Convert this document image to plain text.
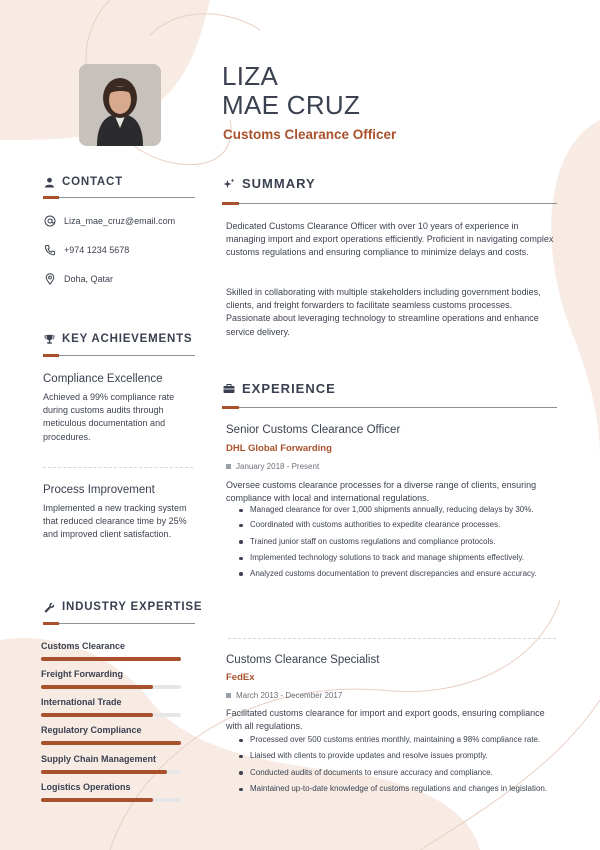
LIZA
MAE CRUZ
Customs Clearance Officer
CONTACT
Liza_mae_cruz@email.com
+974 1234 5678
Doha, Qatar
KEY ACHIEVEMENTS
Compliance Excellence
Achieved a 99% compliance rate during customs audits through meticulous documentation and procedures.
Process Improvement
Implemented a new tracking system that reduced clearance time by 25% and improved client satisfaction.
INDUSTRY EXPERTISE
Customs Clearance
Freight Forwarding
International Trade
Regulatory Compliance
Supply Chain Management
Logistics Operations
SUMMARY
Dedicated Customs Clearance Officer with over 10 years of experience in managing import and export operations efficiently. Proficient in navigating complex customs regulations and ensuring compliance to minimize delays and costs.
Skilled in collaborating with multiple stakeholders including government bodies, clients, and freight forwarders to facilitate seamless customs processes. Passionate about leveraging technology to streamline operations and enhance service delivery.
EXPERIENCE
Senior Customs Clearance Officer
DHL Global Forwarding
January 2018 - Present
Oversee customs clearance processes for a diverse range of clients, ensuring compliance with local and international regulations.
Managed clearance for over 1,000 shipments annually, reducing delays by 30%.
Coordinated with customs authorities to expedite clearance processes.
Trained junior staff on customs regulations and compliance protocols.
Implemented technology solutions to track and manage shipments effectively.
Analyzed customs documentation to prevent discrepancies and ensure accuracy.
Customs Clearance Specialist
FedEx
March 2013 - December 2017
Facilitated customs clearance for import and export goods, ensuring compliance with all regulations.
Processed over 500 customs entries monthly, maintaining a 98% compliance rate.
Liaised with clients to provide updates and resolve issues promptly.
Conducted audits of documents to ensure accuracy and compliance.
Maintained up-to-date knowledge of customs regulations and changes in legislation.
